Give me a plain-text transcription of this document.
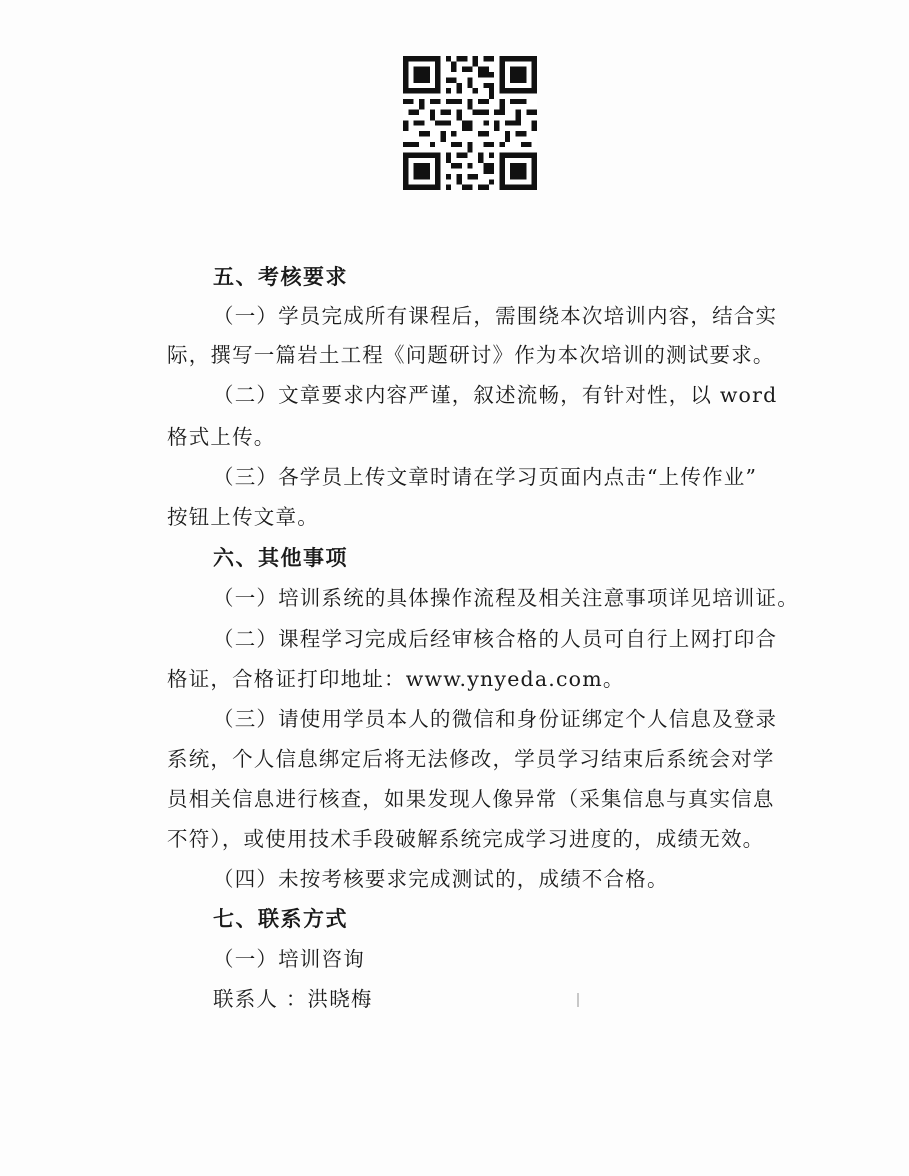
五、考核要求
（一）学员完成所有课程后，需围绕本次培训内容，结合实
际，撰写一篇岩土工程《问题研讨》作为本次培训的测试要求。
（二）文章要求内容严谨，叙述流畅，有针对性，以 word
格式上传。
（三）各学员上传文章时请在学习页面内点击“上传作业”
按钮上传文章。
六、其他事项
（一）培训系统的具体操作流程及相关注意事项详见培训证。
（二）课程学习完成后经审核合格的人员可自行上网打印合
格证，合格证打印地址：www.ynyeda.com。
（三）请使用学员本人的微信和身份证绑定个人信息及登录
系统，个人信息绑定后将无法修改，学员学习结束后系统会对学
员相关信息进行核查，如果发现人像异常（采集信息与真实信息
不符），或使用技术手段破解系统完成学习进度的，成绩无效。
（四）未按考核要求完成测试的，成绩不合格。
七、联系方式
（一）培训咨询
联系人 ：洪晓梅
